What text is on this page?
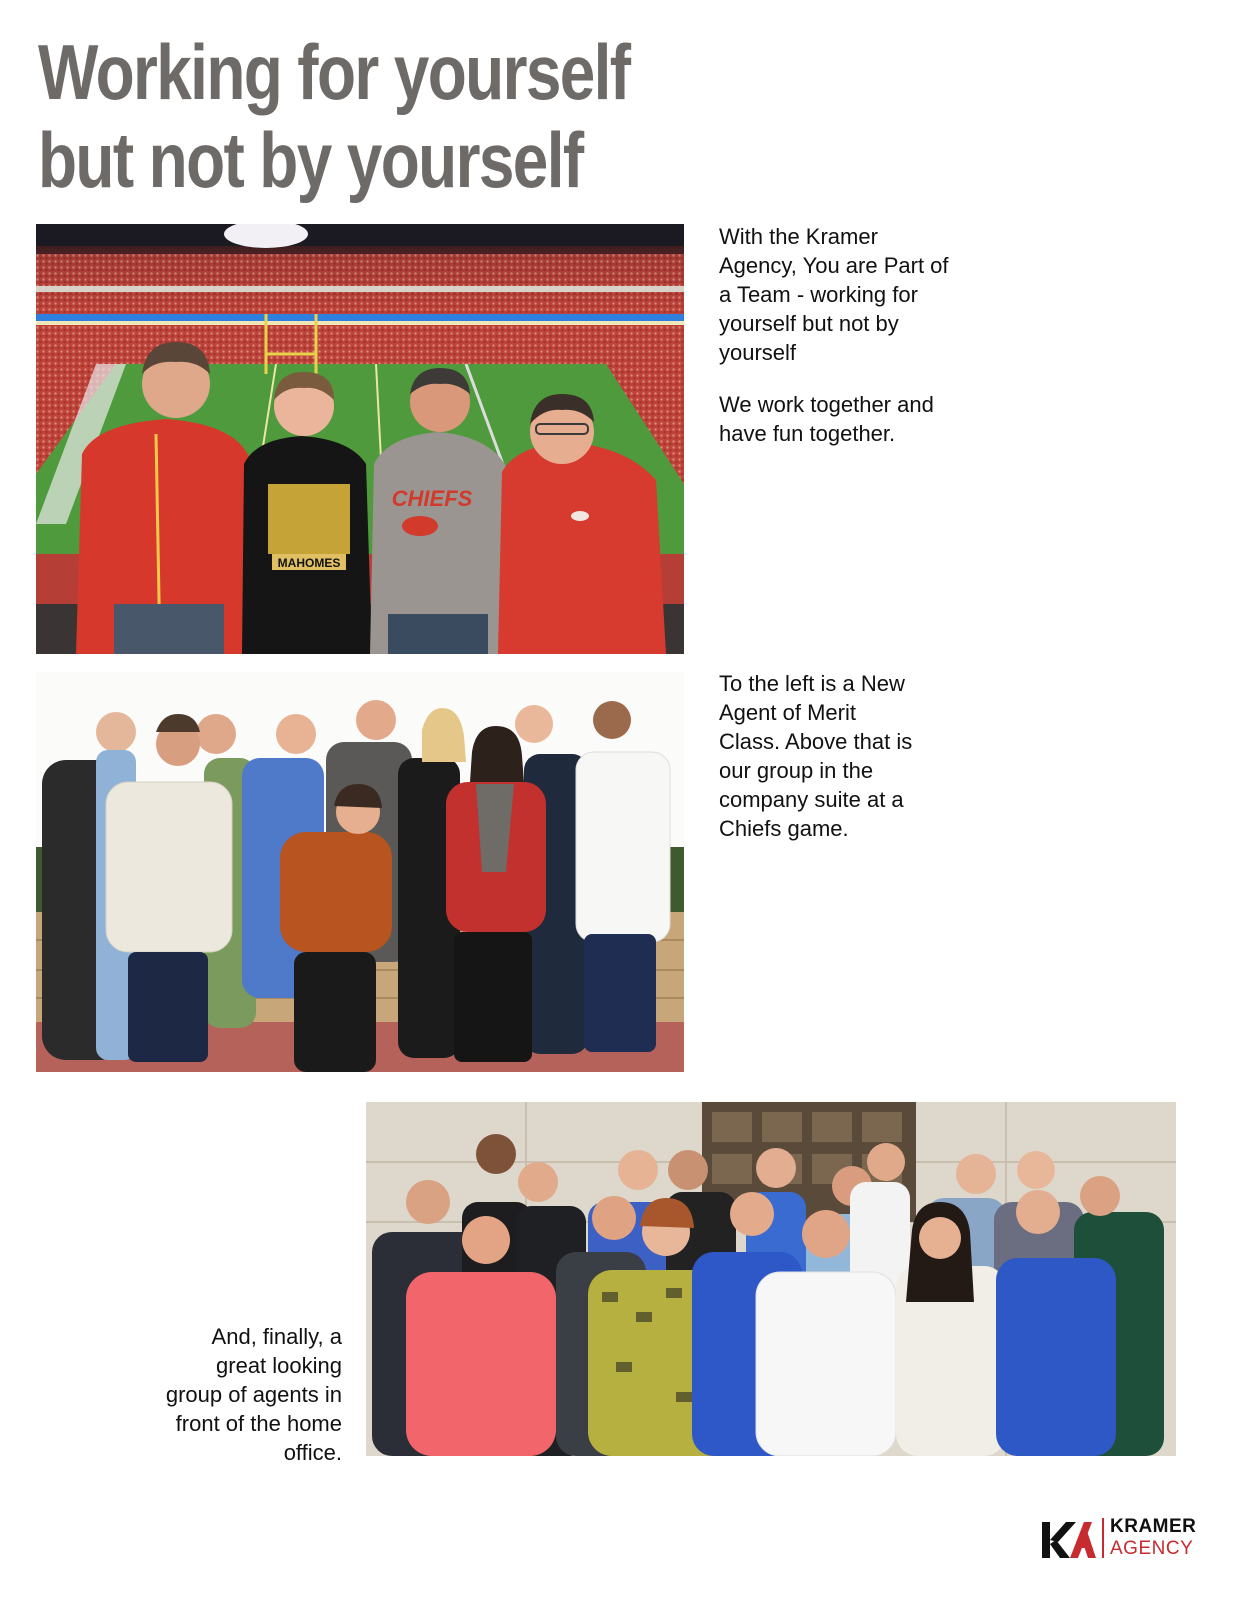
Working for yourself
but not by yourself
MAHOMES
CHIEFS

With the Kramer Agency, You are Part of a Team - working for yourself but not by yourself

We work together and have fun together.

To the left is a New Agent of Merit Class. Above that is our group in the company suite at a Chiefs game.

And, finally, a great looking group of agents in front of the home office.

KRAMER
AGENCY
